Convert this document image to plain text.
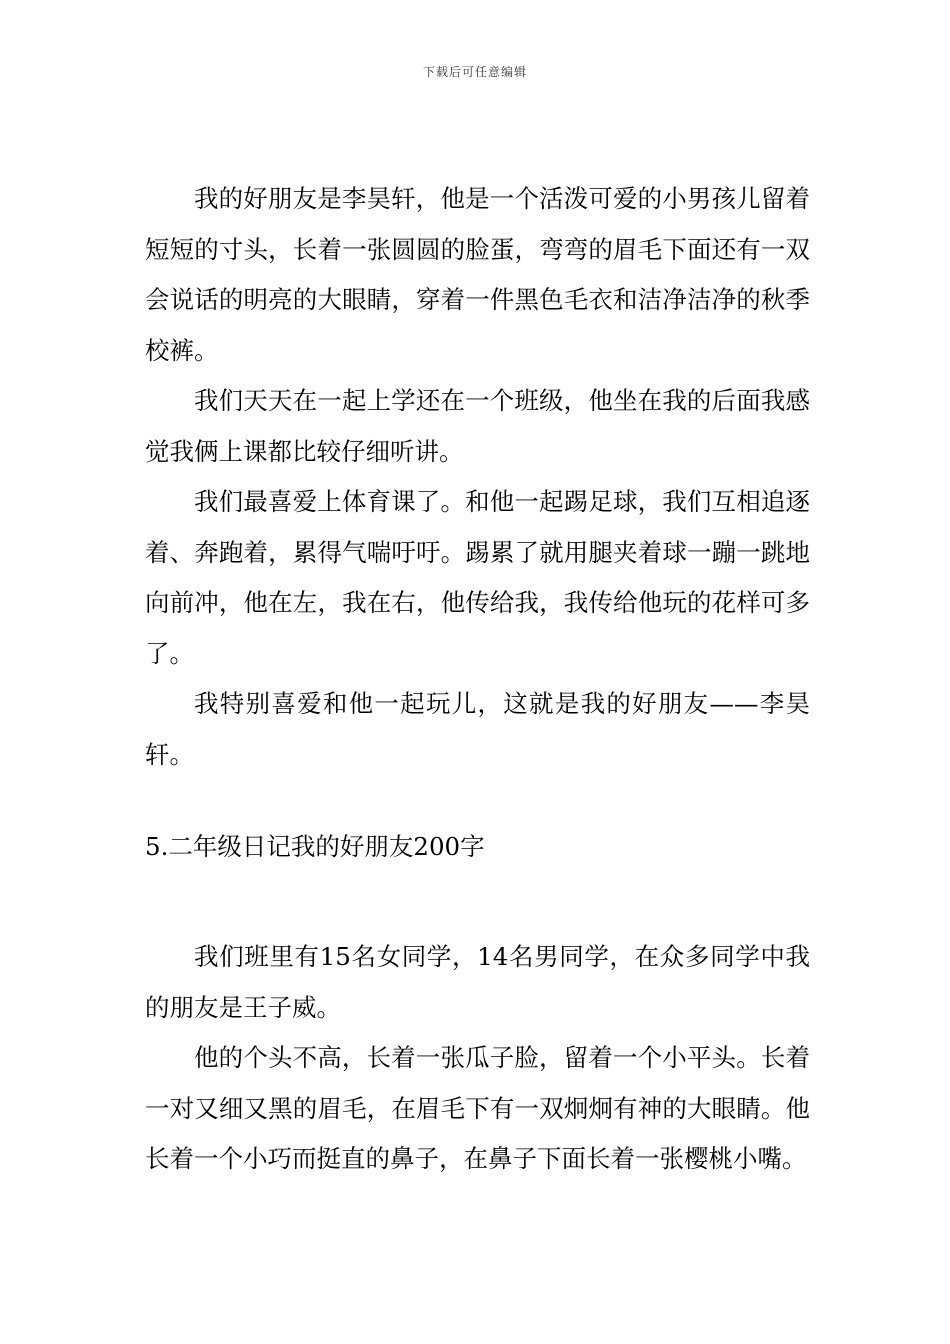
下载后可任意编辑

我的好朋友是李昊轩，他是一个活泼可爱的小男孩儿留着短短的寸头，长着一张圆圆的脸蛋，弯弯的眉毛下面还有一双会说话的明亮的大眼睛，穿着一件黑色毛衣和洁净洁净的秋季校裤。

我们天天在一起上学还在一个班级，他坐在我的后面我感觉我俩上课都比较仔细听讲。

我们最喜爱上体育课了。和他一起踢足球，我们互相追逐着、奔跑着，累得气喘吁吁。踢累了就用腿夹着球一蹦一跳地向前冲，他在左，我在右，他传给我，我传给他玩的花样可多了。

我特别喜爱和他一起玩儿，这就是我的好朋友——李昊轩。

5.二年级日记我的好朋友200字

我们班里有15名女同学，14名男同学，在众多同学中我的朋友是王子威。

他的个头不高，长着一张瓜子脸，留着一个小平头。长着一对又细又黑的眉毛，在眉毛下有一双炯炯有神的大眼睛。他长着一个小巧而挺直的鼻子，在鼻子下面长着一张樱桃小嘴。
